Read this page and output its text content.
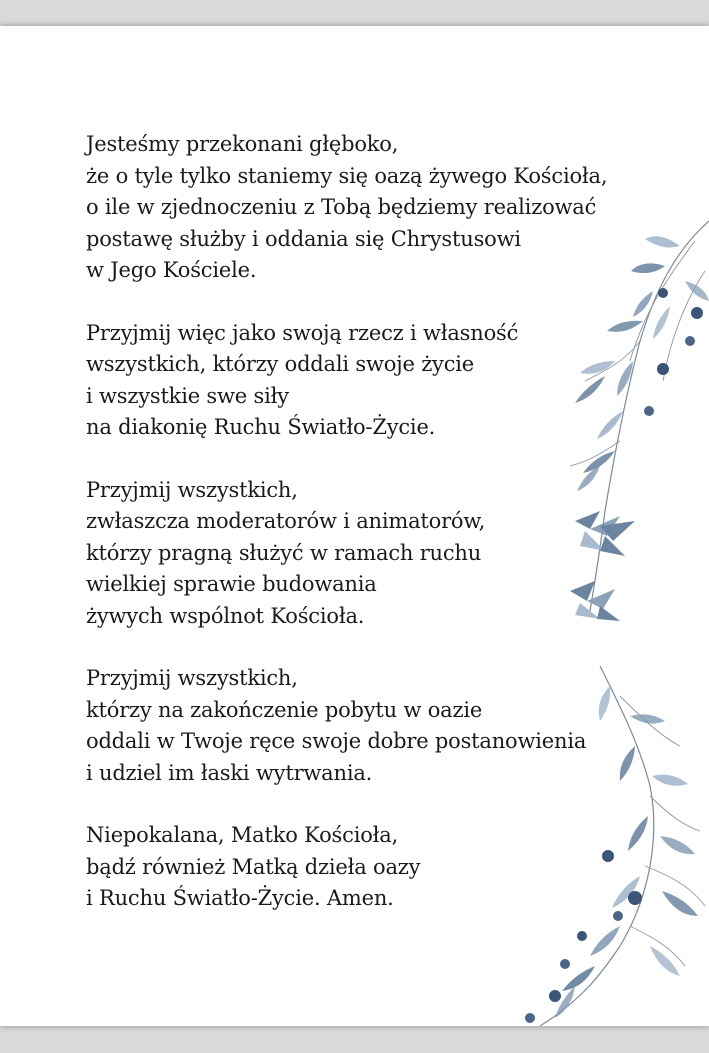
Jesteśmy przekonani głęboko,
że o tyle tylko staniemy się oazą żywego Kościoła,
o ile w zjednoczeniu z Tobą będziemy realizować
postawę służby i oddania się Chrystusowi
w Jego Kościele.
Przyjmij więc jako swoją rzecz i własność
wszystkich, którzy oddali swoje życie
i wszystkie swe siły
na diakonię Ruchu Światło-Życie.
Przyjmij wszystkich,
zwłaszcza moderatorów i animatorów,
którzy pragną służyć w ramach ruchu
wielkiej sprawie budowania
żywych wspólnot Kościoła.
Przyjmij wszystkich,
którzy na zakończenie pobytu w oazie
oddali w Twoje ręce swoje dobre postanowienia
i udziel im łaski wytrwania.
Niepokalana, Matko Kościoła,
bądź również Matką dzieła oazy
i Ruchu Światło-Życie. Amen.
